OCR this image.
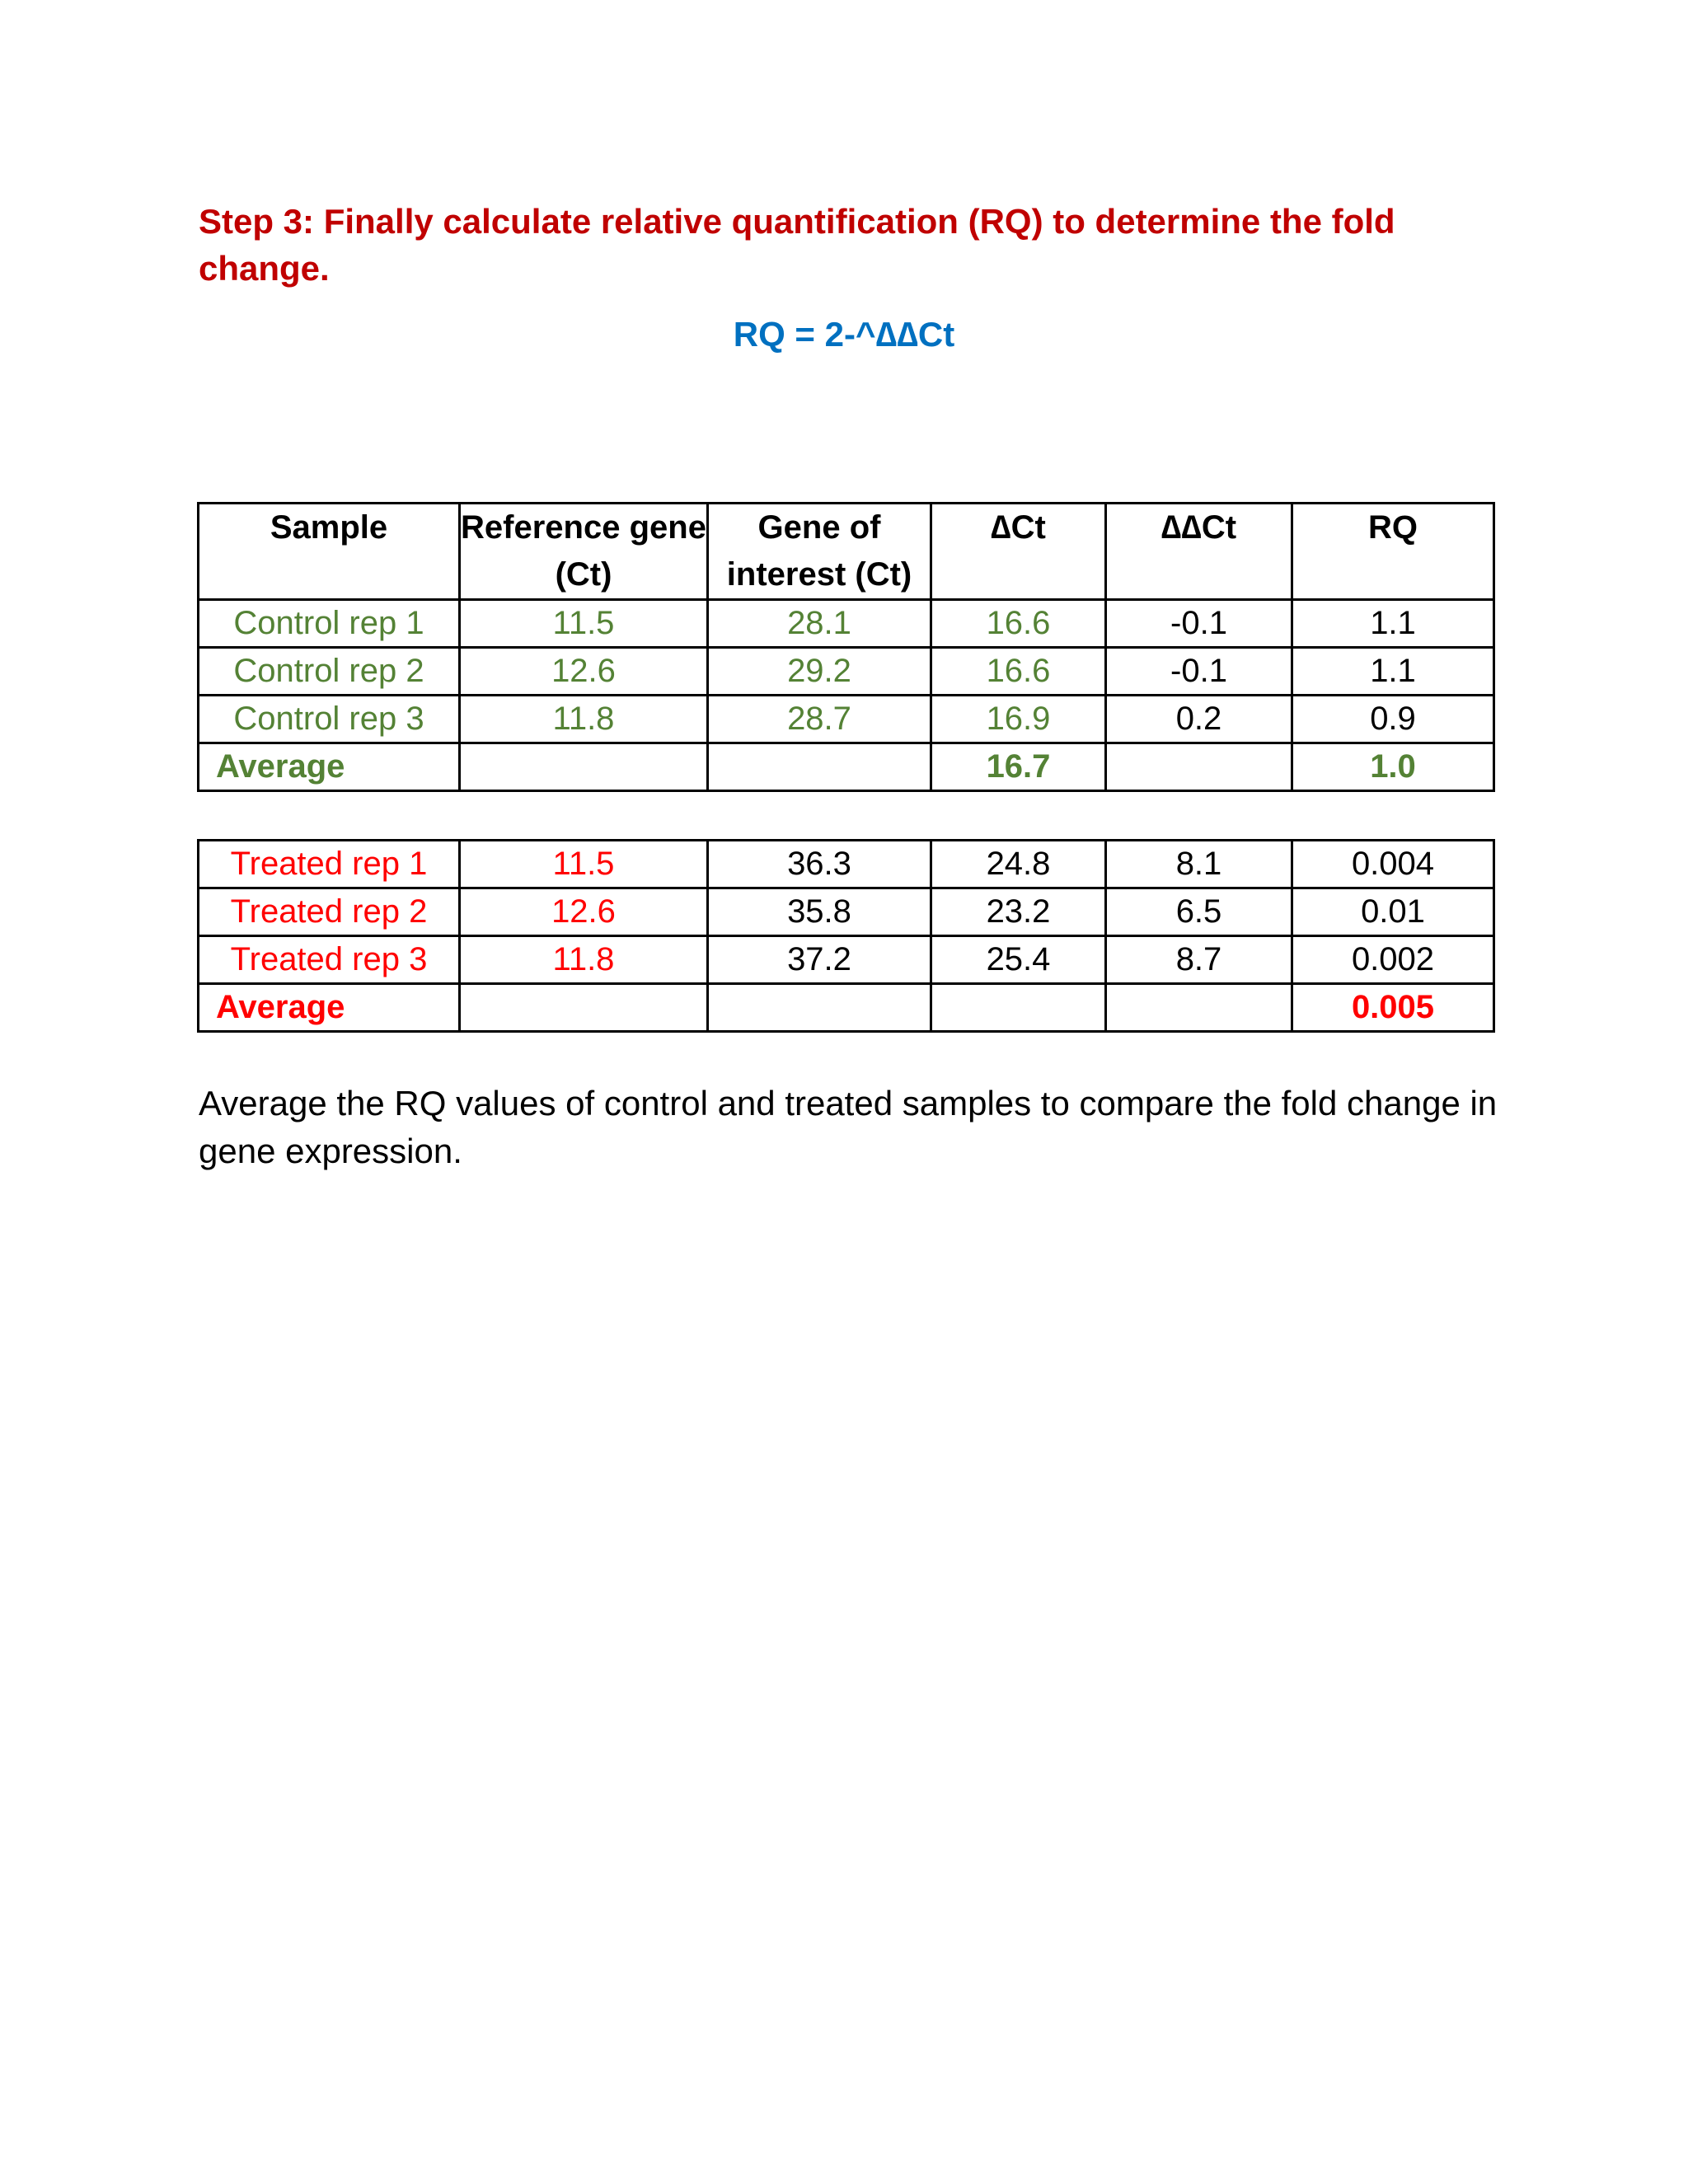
Step 3: Finally calculate relative quantification (RQ) to determine the fold change.
RQ = 2-^∆∆Ct
Sample	Reference gene (Ct)	Gene of interest (Ct)	∆Ct	∆∆Ct	RQ
Control rep 1	11.5	28.1	16.6	-0.1	1.1
Control rep 2	12.6	29.2	16.6	-0.1	1.1
Control rep 3	11.8	28.7	16.9	0.2	0.9
Average			16.7		1.0
Treated rep 1	11.5	36.3	24.8	8.1	0.004
Treated rep 2	12.6	35.8	23.2	6.5	0.01
Treated rep 3	11.8	37.2	25.4	8.7	0.002
Average					0.005
Average the RQ values of control and treated samples to compare the fold change in gene expression.
